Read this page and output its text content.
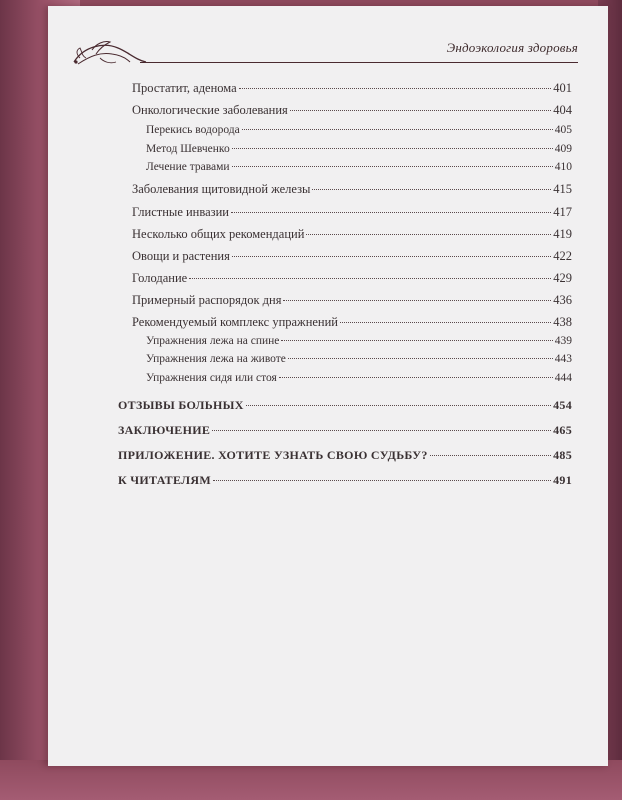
Эндоэкология здоровья
Простатит, аденома	401
Онкологические заболевания	404
Перекись водорода	405
Метод Шевченко	409
Лечение травами	410
Заболевания щитовидной железы	415
Глистные инвазии	417
Несколько общих рекомендаций	419
Овощи и растения	422
Голодание	429
Примерный распорядок дня	436
Рекомендуемый комплекс упражнений	438
Упражнения лежа на спине	439
Упражнения лежа на животе	443
Упражнения сидя или стоя	444
ОТЗЫВЫ БОЛЬНЫХ	454
ЗАКЛЮЧЕНИЕ	465
ПРИЛОЖЕНИЕ. ХОТИТЕ УЗНАТЬ СВОЮ СУДЬБУ?	485
К ЧИТАТЕЛЯМ	491
